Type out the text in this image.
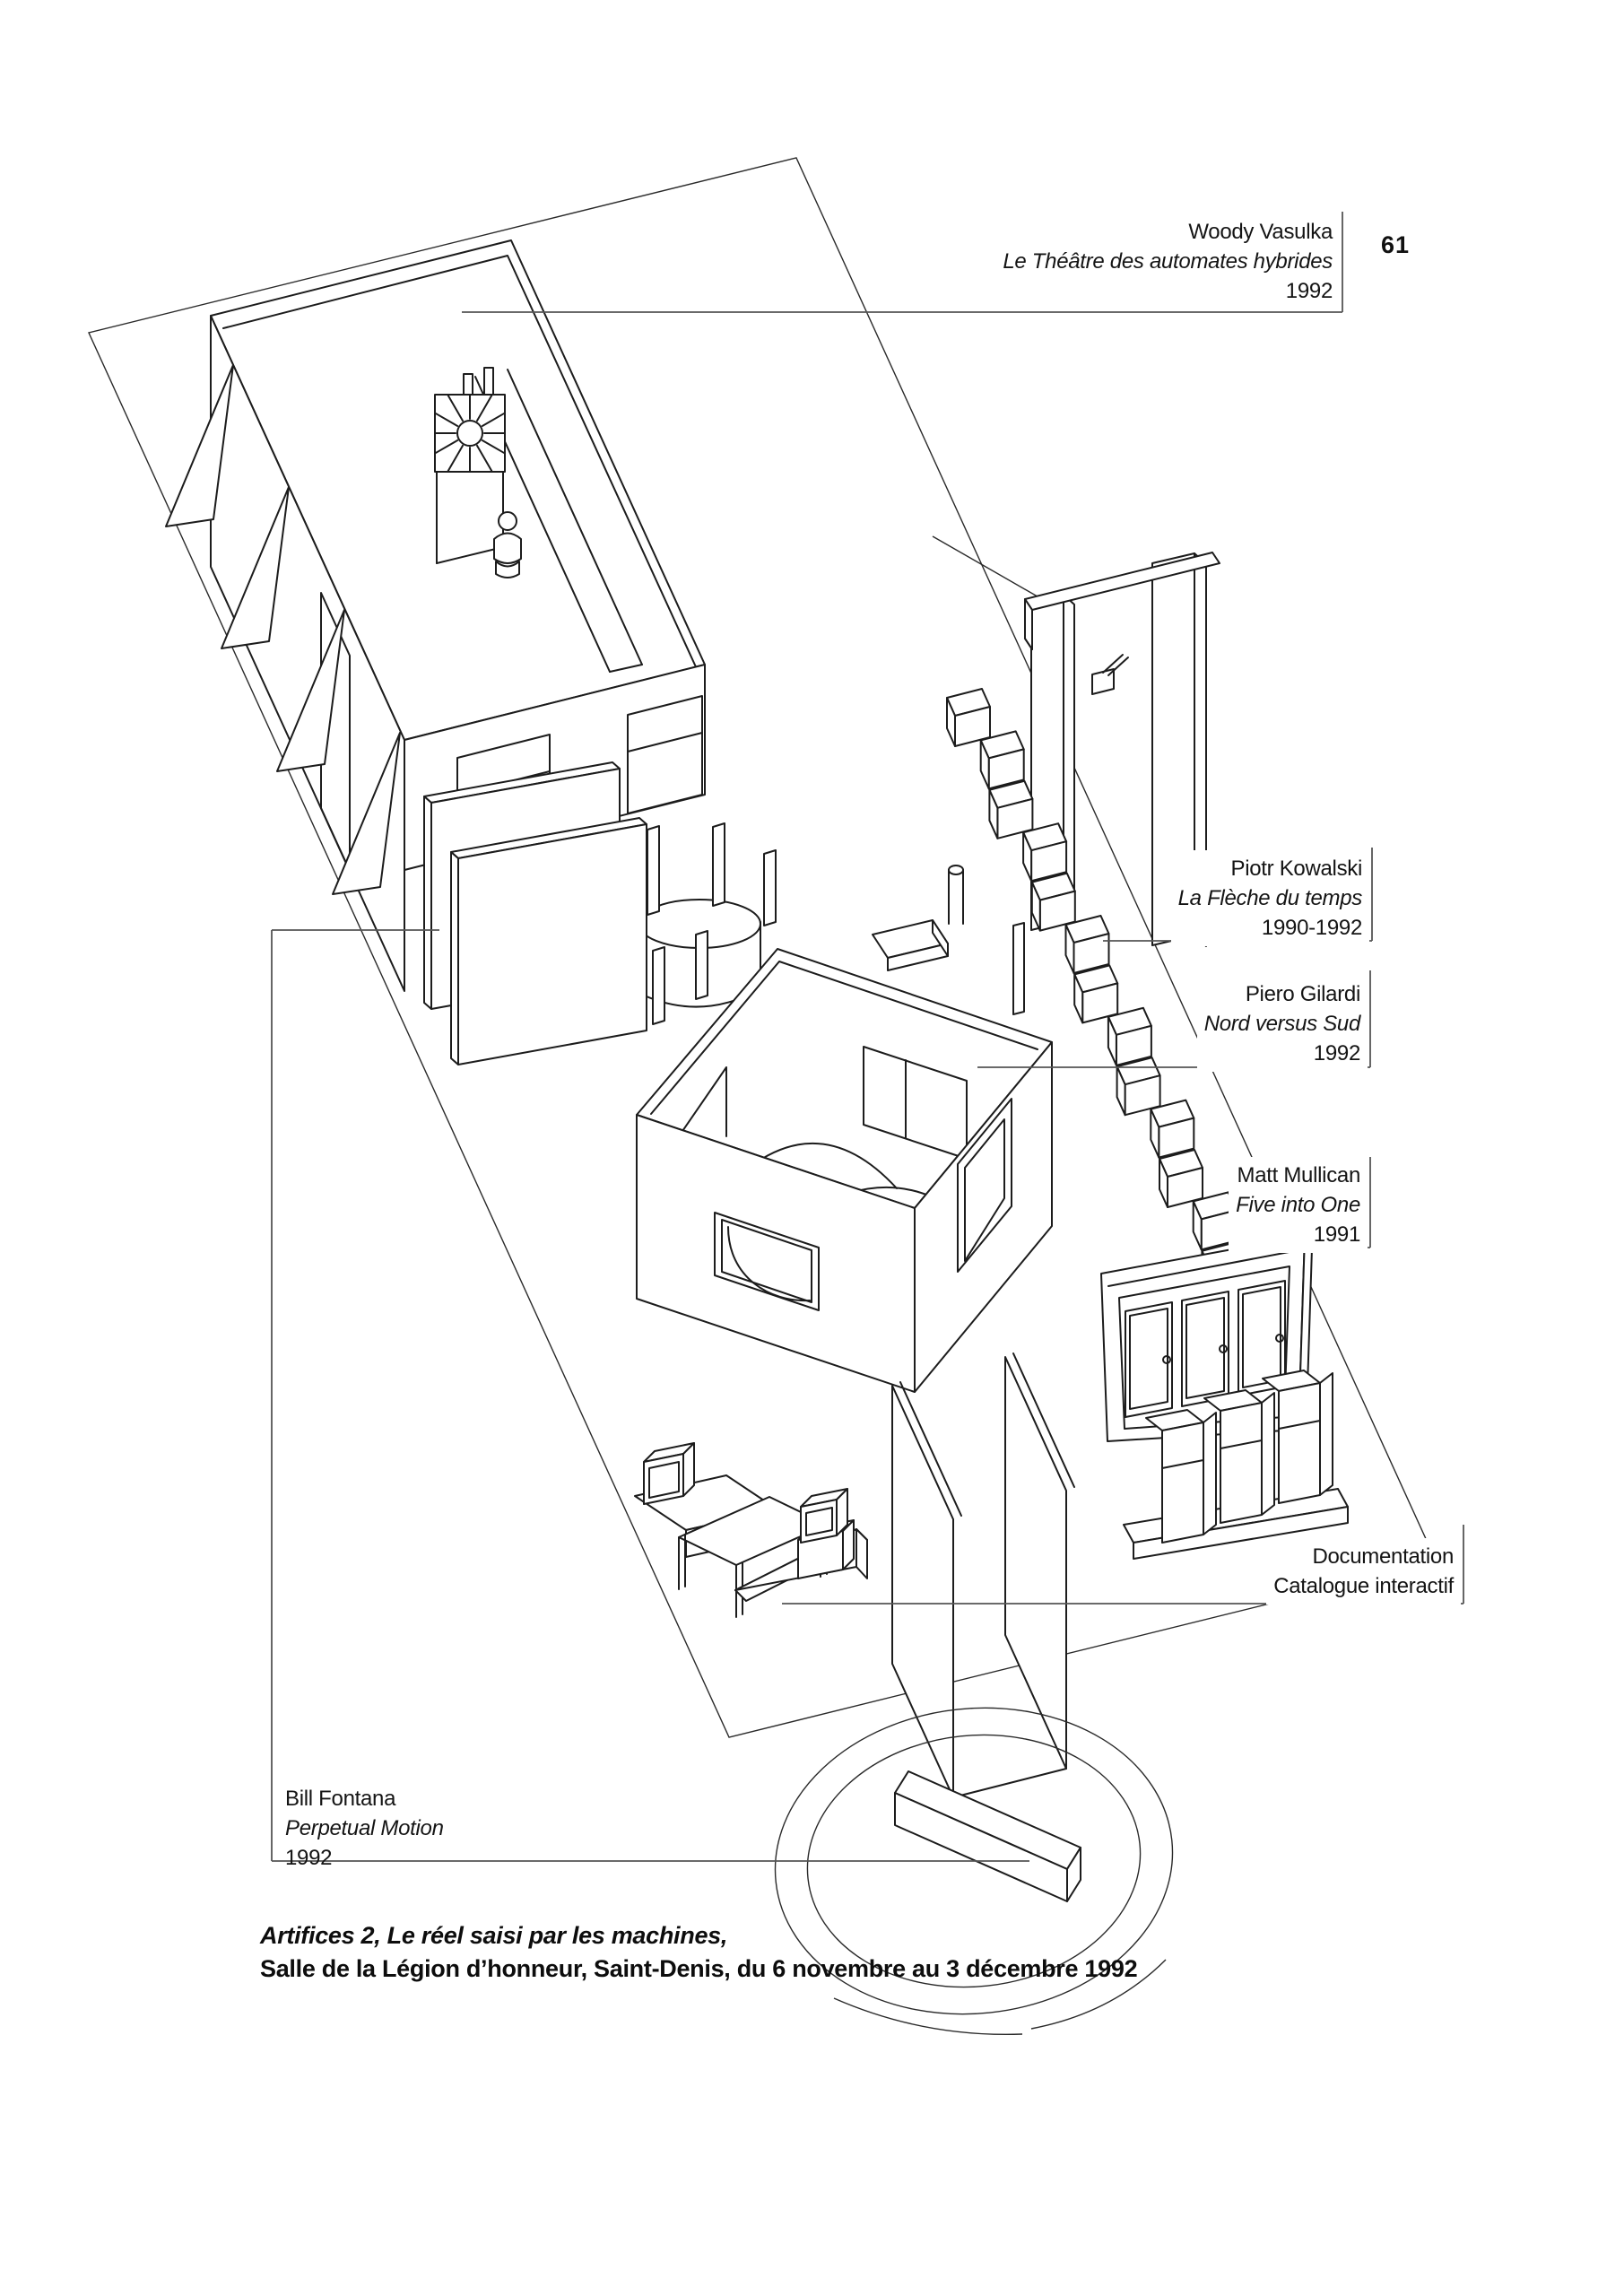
61
Woody Vasulka
Le Théâtre des automates hybrides
1992
Piotr Kowalski
La Flèche du temps
1990-1992
Piero Gilardi
Nord versus Sud
1992
Matt Mullican
Five into One
1991
Documentation
Catalogue interactif
Bill Fontana
Perpetual Motion
1992
Artifices 2, Le réel saisi par les machines,
Salle de la Légion d’honneur, Saint-Denis, du 6 novembre au 3 décembre 1992
